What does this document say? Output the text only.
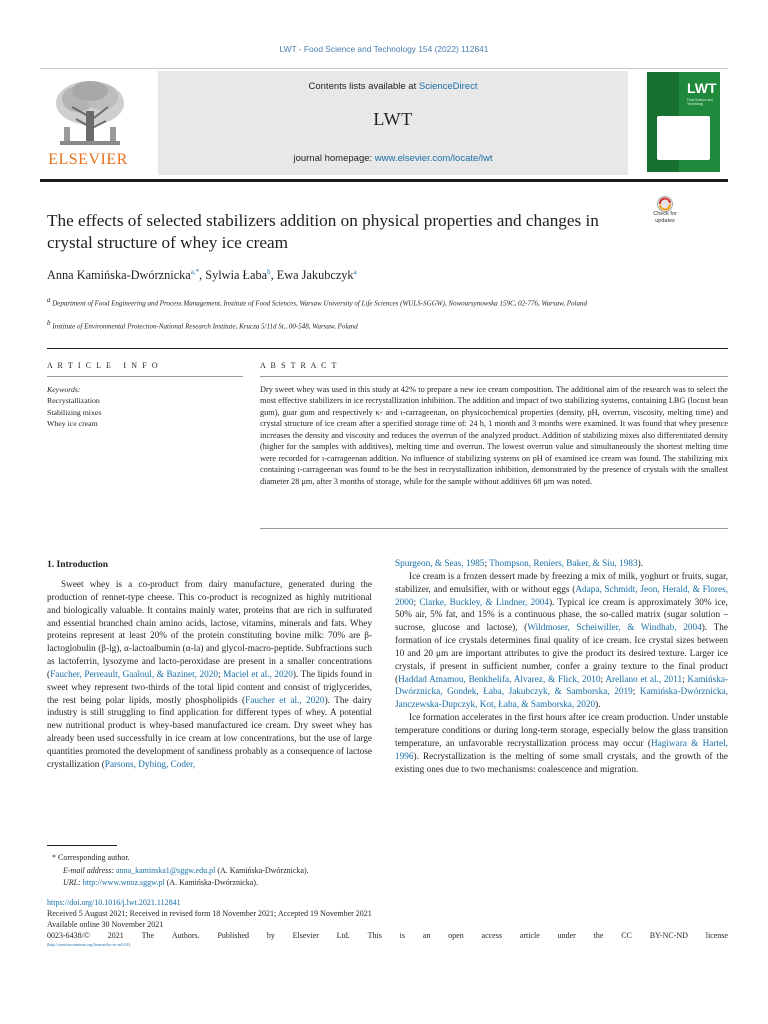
LWT - Food Science and Technology 154 (2022) 112841
ELSEVIER
Contents lists available at ScienceDirect
LWT
journal homepage: www.elsevier.com/locate/lwt
LWT
Food Science and Technology
Check for updates
The effects of selected stabilizers addition on physical properties and changes in crystal structure of whey ice cream
Anna Kamińska-Dwórznicka$^{a,*}$, Sylwia Łaba$^b$, Ewa Jakubczyk$^a$
a Department of Food Engineering and Process Management, Institute of Food Sciences, Warsaw University of Life Sciences (WULS-SGGW), Nowoursynowska 159C, 02-776, Warsaw, Poland
b Institute of Environmental Protection-National Research Institute, Krucza 5/11d St., 00-548, Warsaw, Poland
A R T I C L E   I N F O	A B S T R A C T
Keywords:
Recrystallization
Stabilizing mixes
Whey ice cream
Dry sweet whey was used in this study at 42% to prepare a new ice cream composition. The additional aim of the research was to select the most effective stabilizers in ice recrystallization inhibition. The addition and impact of two stabilizing systems, containing LBG (locust bean gum), guar gum and respectively κ- and ι-carrageenan, on physicochemical properties (density, pH, overrun, viscosity, melting time) and crystal structure of ice cream after a specified storage time of: 24 h, 1 month and 3 months were examined. It was found that whey presence increases the density and viscosity and reduces the overrun of the analyzed product. Addition of stabilizing mixes also differentiated density (higher for the samples with additives), melting time and overrun. The lowest overrun value and simultaneously the shortest melting time were recorded for ι-carrageenan addition. No influence of stabilizing systems on pH of examined ice cream was found. The stabilizing mix containing ι-carrageenan was found to be the best in recrystallization inhibition, demonstrated by the presence of crystals with the smallest diameter 28 μm, after 3 months of storage, while for the sample without additives 68 μm was noted.
1. Introduction

Sweet whey is a co-product from dairy manufacture, generated during the production of rennet-type cheese. This co-product is recognized as highly nutritional and biologically valuable. It contains mainly water, proteins that are rich in sulfurated and essential branched chain amino acids, lactose, vitamins, minerals and fats. Whey proteins represent at least 20% of the protein constituting bovine milk: 70% are β-lactoglobulin (β-lg), α-lactoalbumin (α-la) and glycol-macro-peptide. Subfractions such as lactoferrin, lysozyme and lacto-peroxidase are present in a smaller concentrations (Faucher, Perreault, Gaaloul, & Bazinet, 2020; Maciel et al., 2020). The lipids found in sweet whey represent two-thirds of the total lipid content and consist of triglycerides, the rest being polar lipids, mostly phospholipids (Faucher et al., 2020). The dairy industry is still struggling to find application for different types of whey. A potential new nutritional product is whey-based manufactured ice cream. Dry sweet whey has already been used successfully in ice cream at low concentrations, but the use of large quantities promoted the development of sandiness probably as a consequence of lactose crystallization (Parsons, Dybing, Coder,

Spurgeon, & Seas, 1985; Thompson, Reniers, Baker, & Siu, 1983).

Ice cream is a frozen dessert made by freezing a mix of milk, yoghurt or fruits, sugar, stabilizer, and emulsifier, with or without eggs (Adapa, Schmidt, Jeon, Herald, & Flores, 2000; Clarke, Buckley, & Lindner, 2004). Typical ice cream is approximately 30% ice, 50% air, 5% fat, and 15% is a continuous phase, the so-called matrix (sugar solution – sucrose, glucose and lactose), (Wildmoser, Scheiwiller, & Windhab, 2004). The formation of ice crystals determines final quality of ice cream. Ice crystal sizes between 10 and 20 μm are important attributes to give the product its desired texture. Larger ice crystals, if present in sufficient number, confer a grainy texture to the final product (Haddad Amamou, Benkhelifa, Alvarez, & Flick, 2010; Arellano et al., 2011; Kamińska-Dwórznicka, Gondek, Łaba, Jakubczyk, & Samborska, 2019; Kamińska-Dwórznicka, Janczewska-Dupczyk, Kot, Łaba, & Samborska, 2020).

Ice formation accelerates in the first hours after ice cream production. Under unstable temperature conditions or during long-term storage, especially below the glass transition temperature, an unfavorable recrystallization process may occur (Hagiwara & Hartel, 1996). Recrystallization is the melting of some small crystals, and the growth of the existing ones due to two mechanisms: coalescence and migration.

* Corresponding author.
E-mail address: anna_kaminska1@sggw.edu.pl (A. Kamińska-Dwórznicka).
URL: http://www.wnoz.sggw.pl (A. Kamińska-Dwórznicka).
https://doi.org/10.1016/j.lwt.2021.112841
Received 5 August 2021; Received in revised form 18 November 2021; Accepted 19 November 2021
Available online 30 November 2021
0023-6438/© 2021 The Authors. Published by Elsevier Ltd. This is an open access article under the CC BY-NC-ND license
(http://creativecommons.org/licenses/by-nc-nd/4.0/).
